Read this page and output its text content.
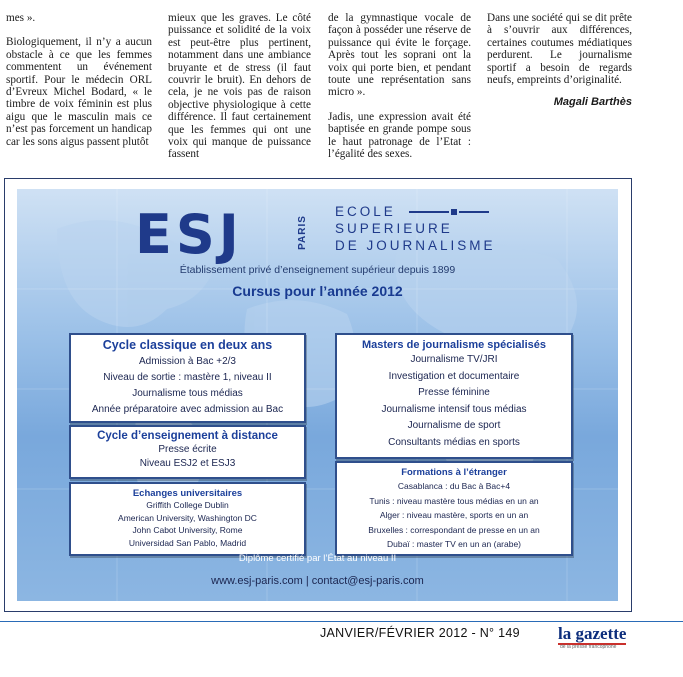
mes ».

Biologiquement, il n’y a aucun obstacle à ce que les femmes commentent un événement sportif. Pour le médecin ORL d’Evreux Michel Bodard, « le timbre de voix féminin est plus aigu que le masculin mais ce n’est pas forcement un handicap car les sons aigus passent plutôt

mieux que les graves. Le côté puissance et solidité de la voix est peut-être plus pertinent, notamment dans une ambiance bruyante et de stress (il faut couvrir le bruit). En dehors de cela, je ne vois pas de raison objective physiologique à cette différence. Il faut certainement que les femmes qui ont une voix qui manque de puissance fassent

de la gymnastique vocale de façon à posséder une réserve de puissance qui évite le forçage. Après tout les soprani ont la voix qui porte bien, et pendant toute une représentation sans micro ».

Jadis, une expression avait été baptisée en grande pompe sous le haut patronage de l’Etat : l’égalité des sexes.

Dans une société qui se dit prête à s’ouvrir aux différences, certaines coutumes médiatiques perdurent. Le journalisme sportif a besoin de regards neufs, empreints d’originalité.

Magali Barthès
ESJ	PARIS
ECOLE
SUPERIEURE
DE JOURNALISME
Établissement privé d’enseignement supérieur depuis 1899
Cursus pour l’année 2012
Cycle classique en deux ans
Admission à Bac +2/3
Niveau de sortie : mastère 1, niveau II
Journalisme tous médias
Année préparatoire avec admission au Bac
Cycle d’enseignement à distance
Presse écrite
Niveau ESJ2 et ESJ3
Echanges universitaires
Griffith College Dublin
American University, Washington DC
John Cabot University, Rome
Universidad San Pablo, Madrid
Masters de journalisme spécialisés
Journalisme TV/JRI
Investigation et documentaire
Presse féminine
Journalisme intensif tous médias
Journalisme de sport
Consultants médias en sports
Formations à l’étranger
Casablanca : du Bac à Bac+4
Tunis : niveau mastère tous médias en un an
Alger : niveau mastère, sports en un an
Bruxelles : correspondant de presse en un an
Dubaï : master TV en un an (arabe)
Diplôme certifié par l’État au niveau II
www.esj-paris.com | contact@esj-paris.com
JANVIER/FÉVRIER 2012 - N° 149 la gazette
de la presse francophone
